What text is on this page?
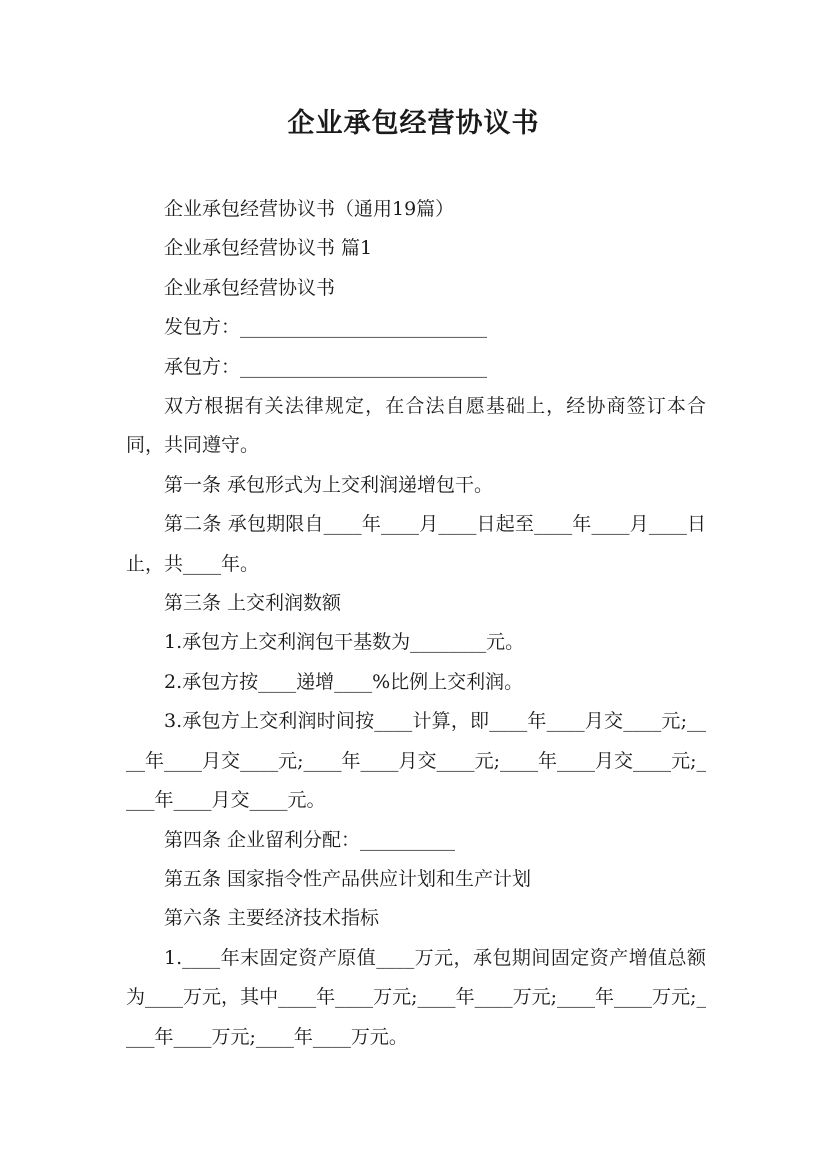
企业承包经营协议书

企业承包经营协议书（通用19篇）

企业承包经营协议书 篇1

企业承包经营协议书

发包方：__________________________

承包方：__________________________

双方根据有关法律规定，在合法自愿基础上，经协商签订本合同，共同遵守。

第一条 承包形式为上交利润递增包干。

第二条 承包期限自____年____月____日起至____年____月____日止，共____年。

第三条 上交利润数额

1.承包方上交利润包干基数为________元。

2.承包方按____递增____%比例上交利润。

3.承包方上交利润时间按____计算，即____年____月交____元;____年____月交____元;____年____月交____元;____年____月交____元;____年____月交____元。

第四条 企业留利分配：__________

第五条 国家指令性产品供应计划和生产计划

第六条 主要经济技术指标

1.____年末固定资产原值____万元，承包期间固定资产增值总额为____万元，其中____年____万元;____年____万元;____年____万元;____年____万元;____年____万元。
